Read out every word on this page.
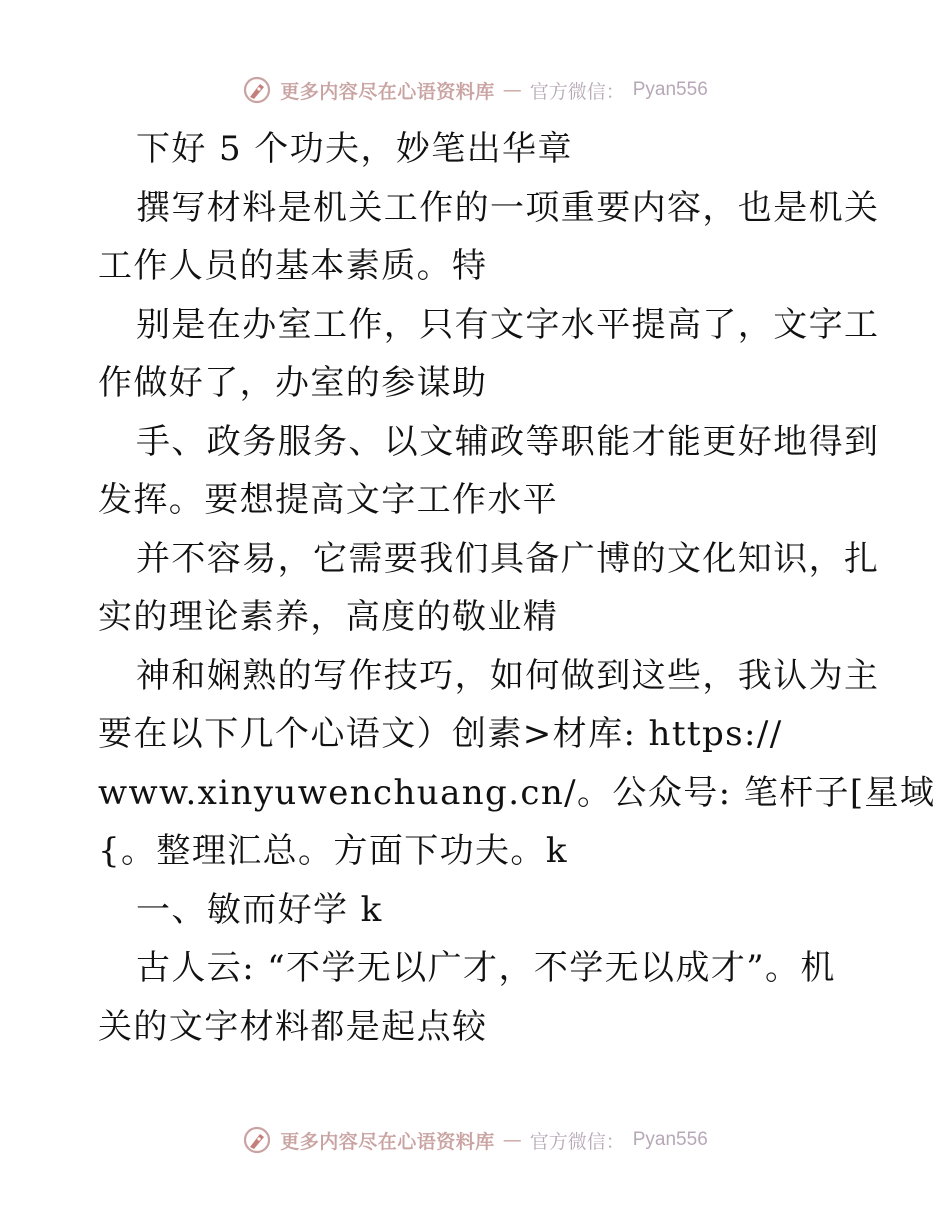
更多内容尽在心语资料库 — 官方微信： Pyan556
下好 5 个功夫，妙笔出华章
撰写材料是机关工作的一项重要内容，也是机关
工作人员的基本素质。特
别是在办室工作，只有文字水平提高了，文字工
作做好了，办室的参谋助
手、政务服务、以文辅政等职能才能更好地得到
发挥。要想提高文字工作水平
并不容易，它需要我们具备广博的文化知识，扎
实的理论素养，高度的敬业精
神和娴熟的写作技巧，如何做到这些，我认为主
要在以下几个心语文）创素>材库: https://
www.xinyuwenchuang.cn/。公众号: 笔杆子[星域
{。整理汇总。方面下功夫。k
一、敏而好学 k
古人云: “不学无以广才，不学无以成才”。机
关的文字材料都是起点较
更多内容尽在心语资料库 — 官方微信： Pyan556
